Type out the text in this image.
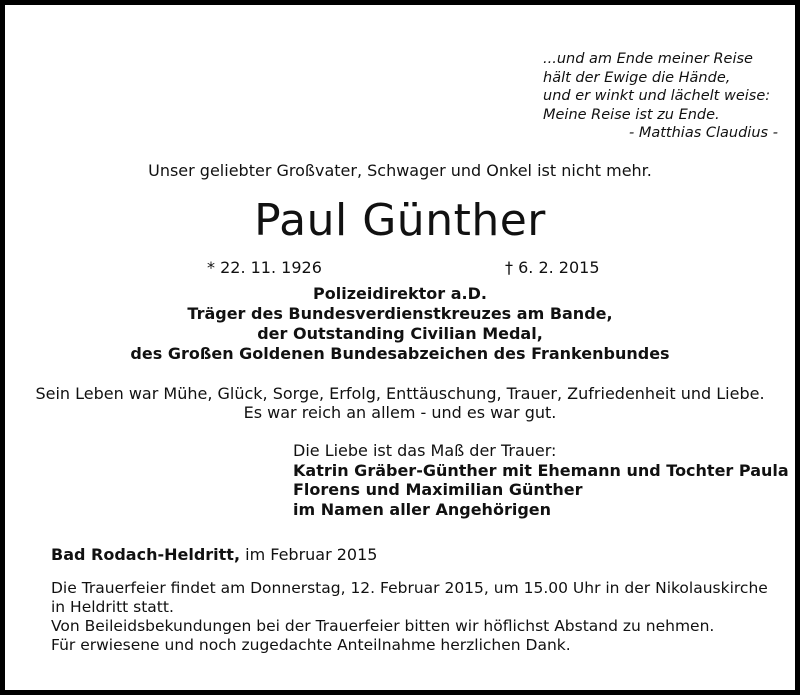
...und am Ende meiner Reise
hält der Ewige die Hände,
und er winkt und lächelt weise:
Meine Reise ist zu Ende.
- Matthias Claudius -
Unser geliebter Großvater, Schwager und Onkel ist nicht mehr.
Paul Günther
* 22. 11. 1926	† 6. 2. 2015
Polizeidirektor a.D.
Träger des Bundesverdienstkreuzes am Bande,
der Outstanding Civilian Medal,
des Großen Goldenen Bundesabzeichen des Frankenbundes
Sein Leben war Mühe, Glück, Sorge, Erfolg, Enttäuschung, Trauer, Zufriedenheit und Liebe.
Es war reich an allem - und es war gut.
Die Liebe ist das Maß der Trauer:
Katrin Gräber-Günther mit Ehemann und Tochter Paula
Florens und Maximilian Günther
im Namen aller Angehörigen
Bad Rodach-Heldritt, im Februar 2015
Die Trauerfeier findet am Donnerstag, 12. Februar 2015, um 15.00 Uhr in der Nikolauskirche
in Heldritt statt.
Von Beileidsbekundungen bei der Trauerfeier bitten wir höflichst Abstand zu nehmen.
Für erwiesene und noch zugedachte Anteilnahme herzlichen Dank.
